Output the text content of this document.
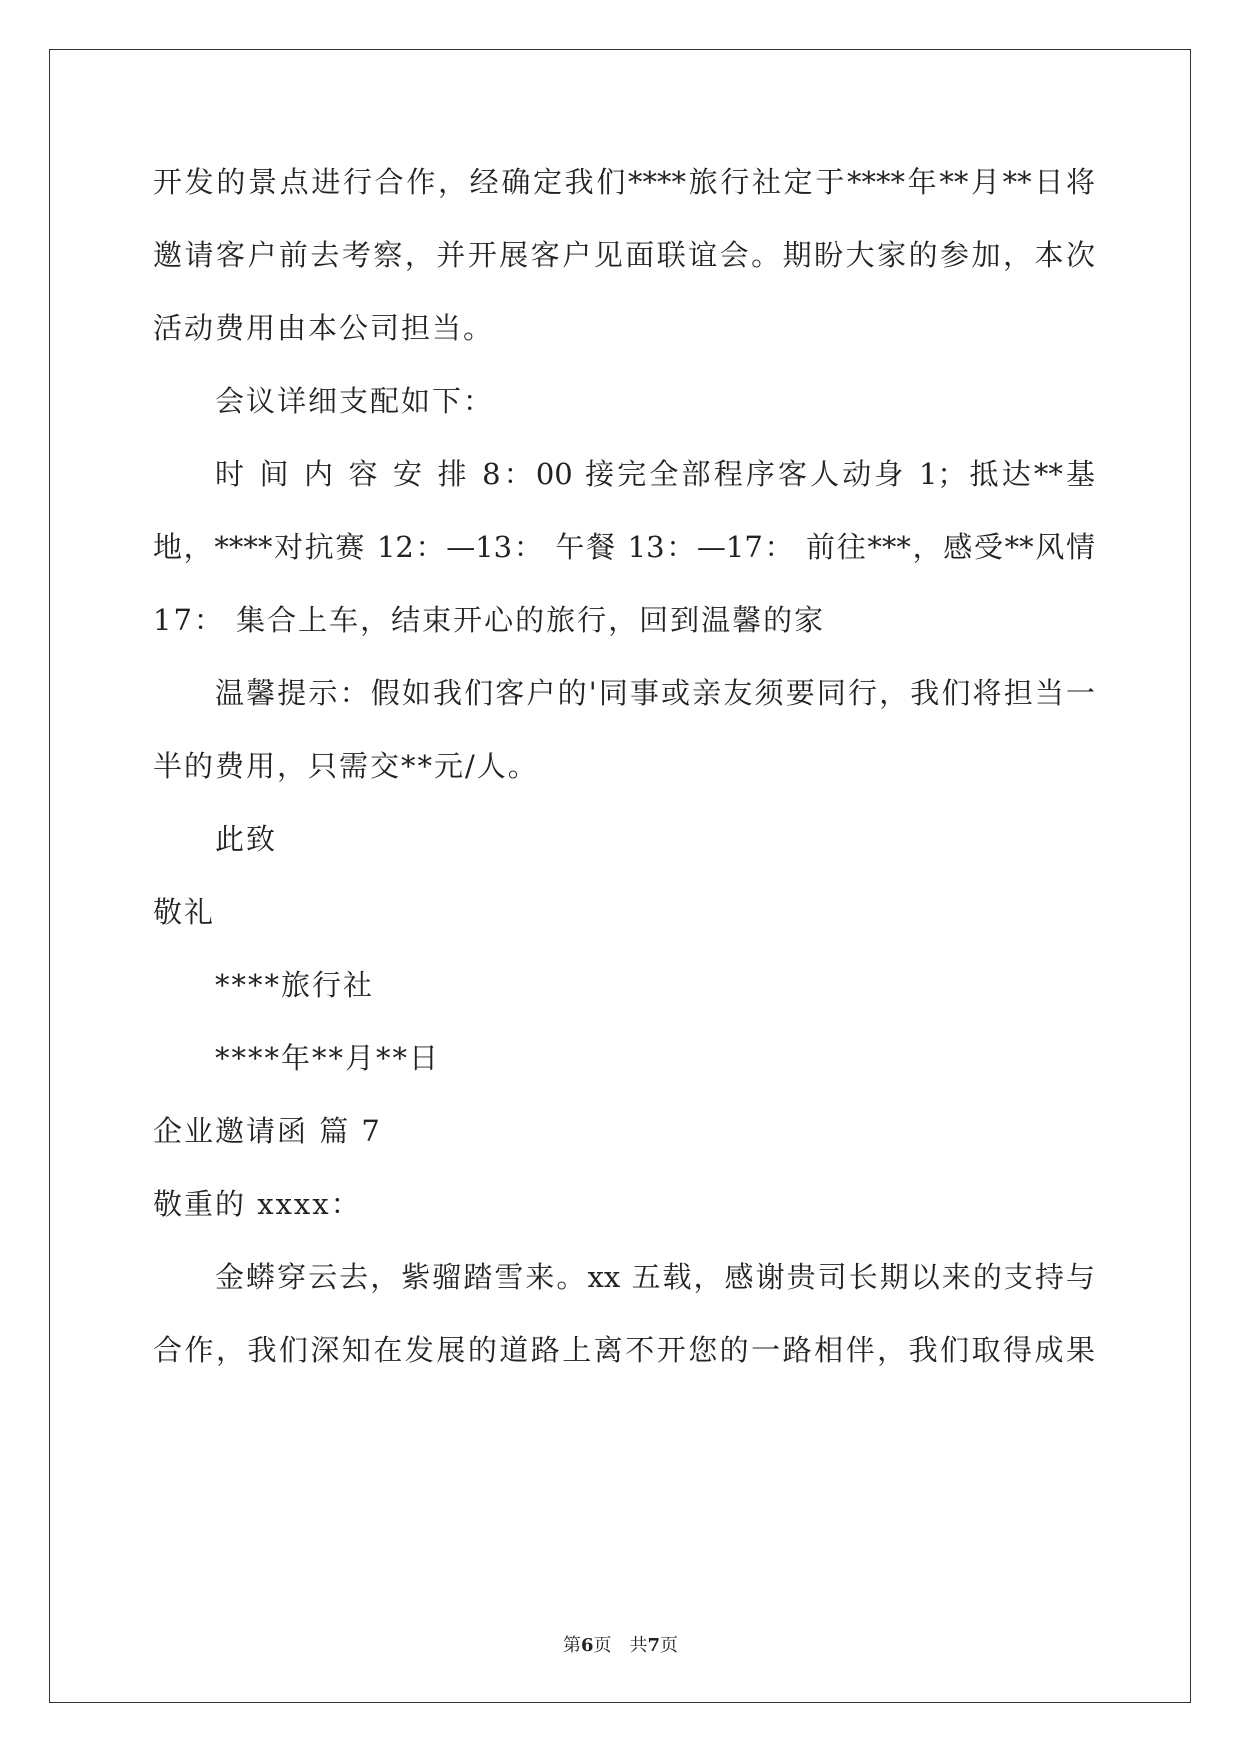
开发的景点进行合作，经确定我们****旅行社定于****年**月**日将
邀请客户前去考察，并开展客户见面联谊会。期盼大家的参加，本次
活动费用由本公司担当。
会议详细支配如下：
时 间 内 容 安 排 8：00 接完全部程序客人动身 1；抵达**基
地，****对抗赛 12：—13： 午餐 13：—17： 前往***，感受**风情
17： 集合上车，结束开心的旅行，回到温馨的家
温馨提示：假如我们客户的'同事或亲友须要同行，我们将担当一
半的费用，只需交**元/人。
此致
敬礼
****旅行社
****年**月**日
企业邀请函 篇 7
敬重的 xxxx：
金蟒穿云去，紫骝踏雪来。xx 五载，感谢贵司长期以来的支持与
合作，我们深知在发展的道路上离不开您的一路相伴，我们取得成果
第6页　共7页
